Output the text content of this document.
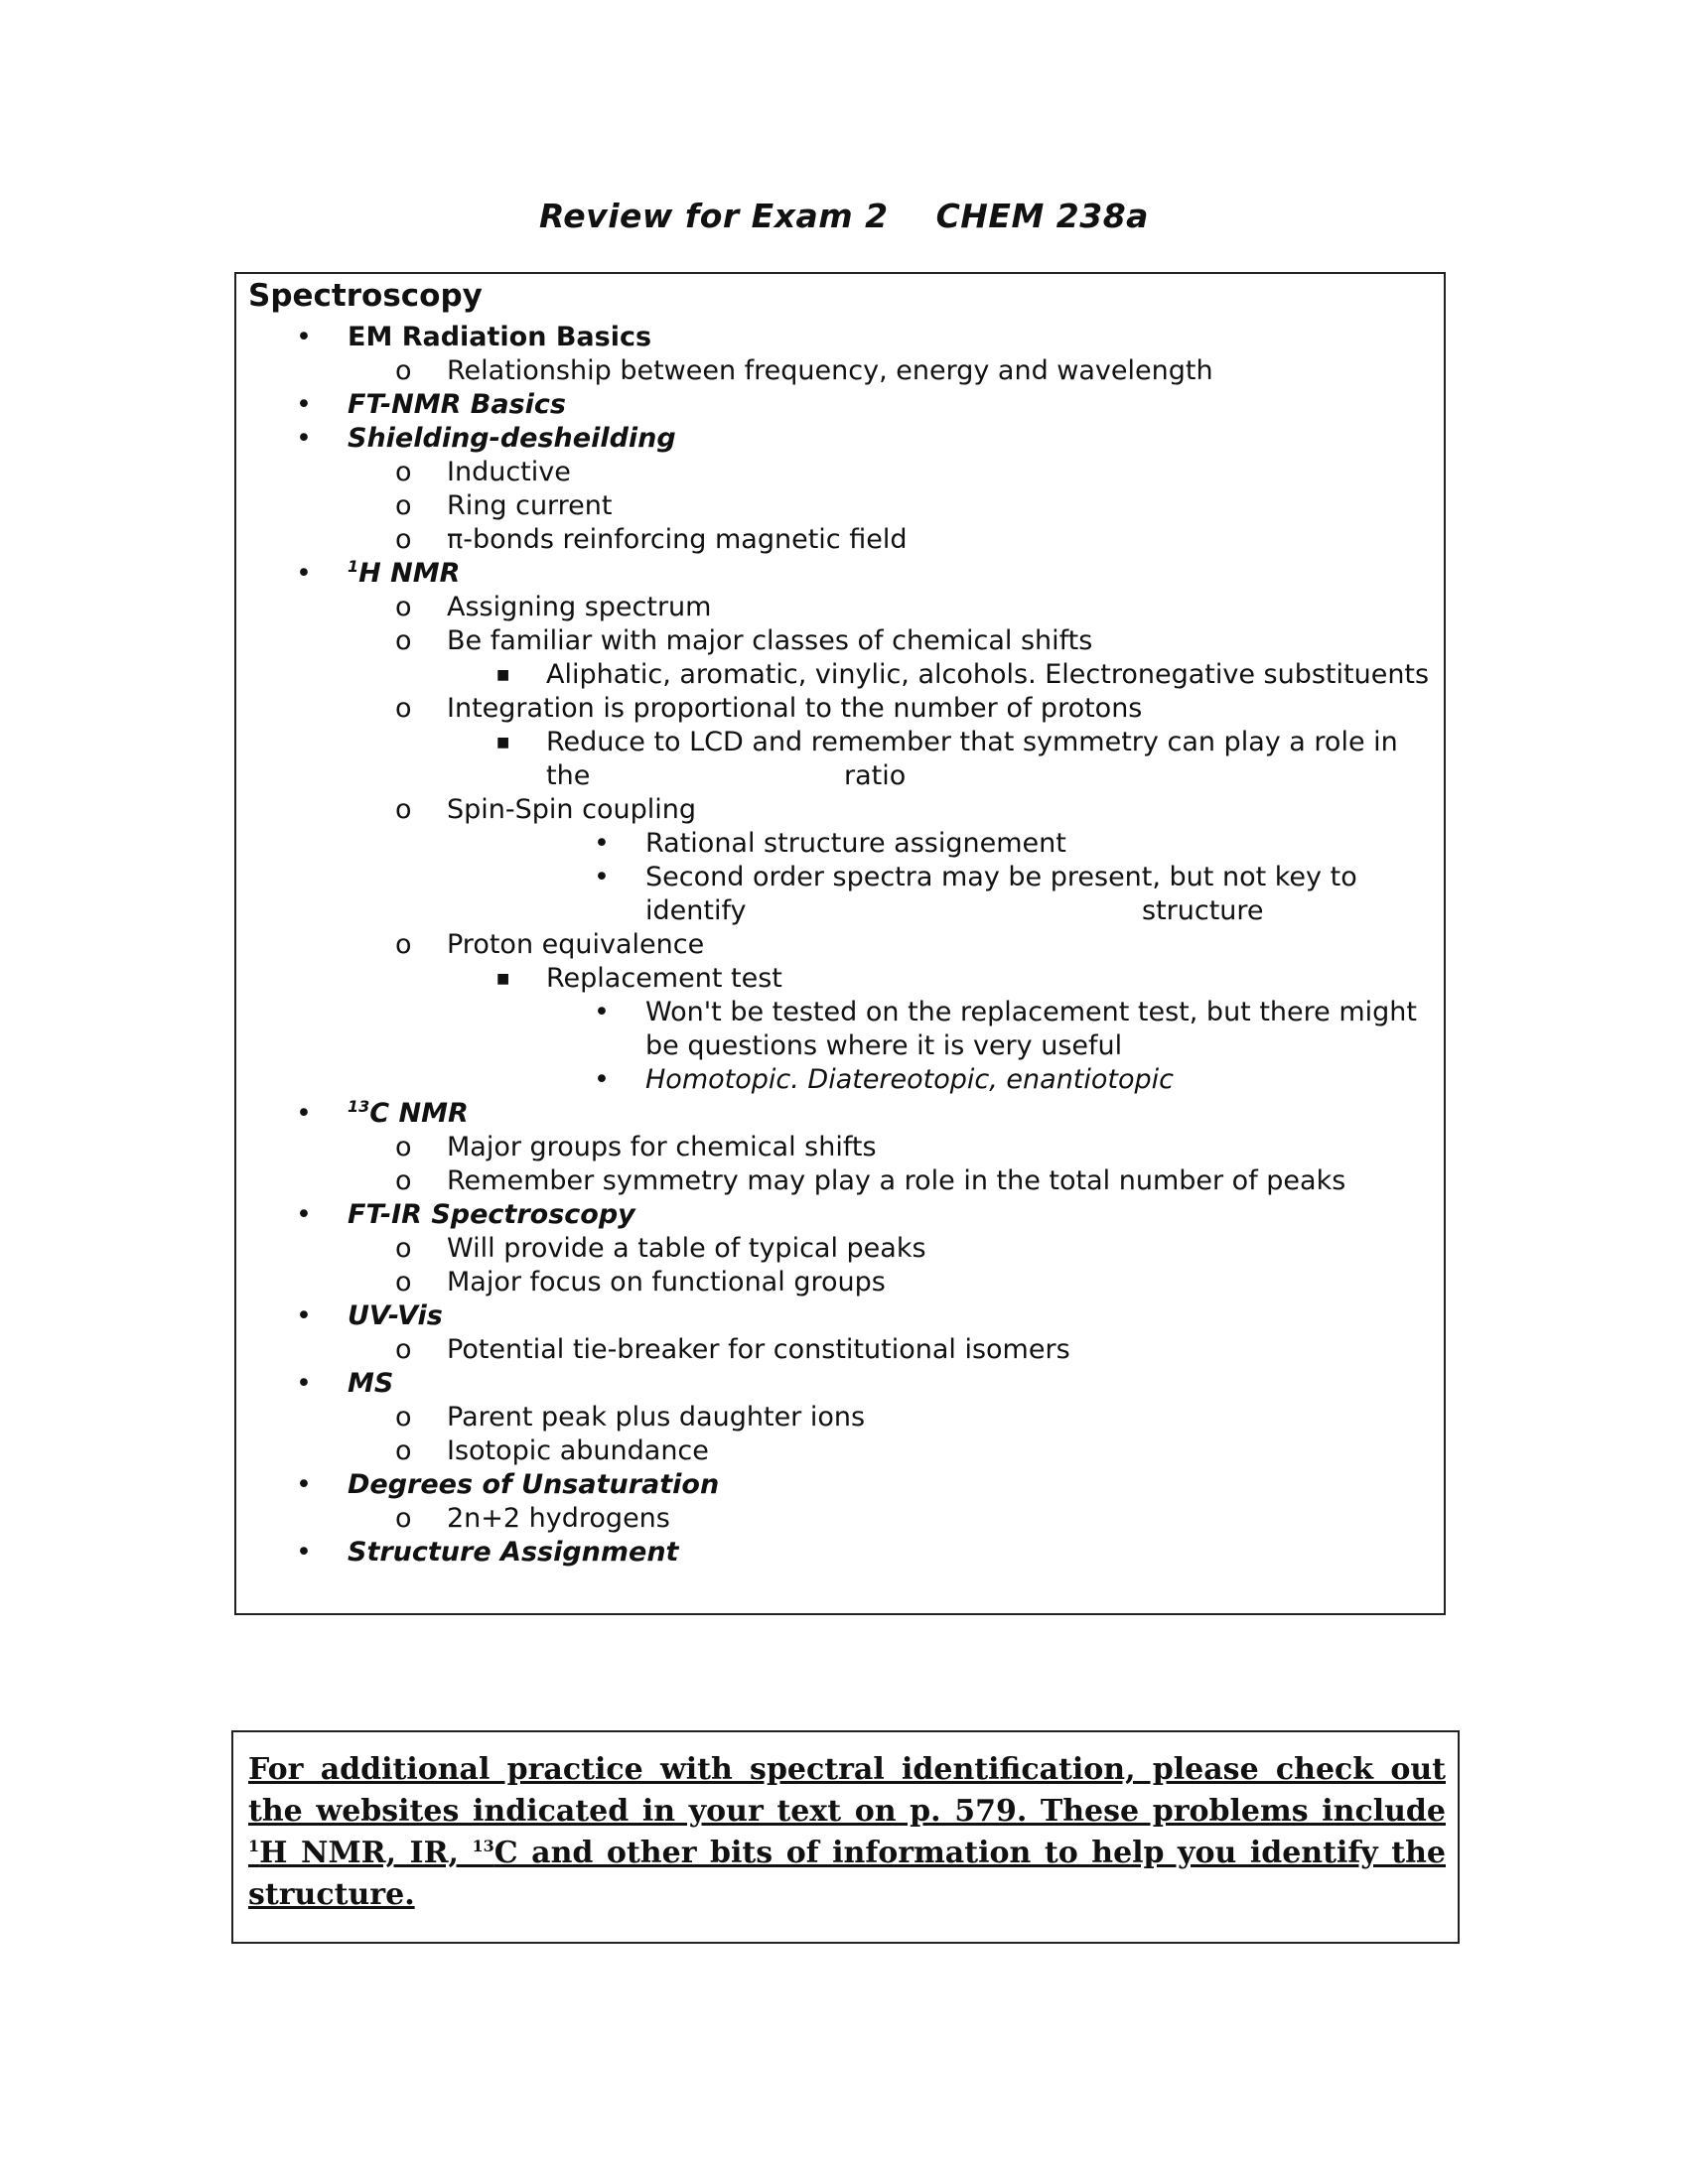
Review for Exam 2 CHEM 238a
Spectroscopy
•
o
•
•
o
o
o
•
o
o
■
o
■
o
•
•
o
■
•
•
•
o
o
•
o
o
•
o
•
o
o
•
o
•
EM Radiation Basics
Relationship between frequency, energy and wavelength
FT-NMR Basics
Shielding-desheilding
Inductive
Ring current
π-bonds reinforcing magnetic field
$^1$H NMR
Assigning spectrum
Be familiar with major classes of chemical shifts
Aliphatic, aromatic, vinylic, alcohols. Electronegative substituents
Integration is proportional to the number of protons
Reduce to LCD and remember that symmetry can play a role in
the	ratio
Spin-Spin coupling
Rational structure assignement
Second order spectra may be present, but not key to
identify	structure
Proton equivalence
Replacement test
Won't be tested on the replacement test, but there might
be questions where it is very useful
Homotopic. Diatereotopic, enantiotopic
$^{13}$C NMR
Major groups for chemical shifts
Remember symmetry may play a role in the total number of peaks
FT-IR Spectroscopy
Will provide a table of typical peaks
Major focus on functional groups
UV-Vis
Potential tie-breaker for constitutional isomers
MS
Parent peak plus daughter ions
Isotopic abundance
Degrees of Unsaturation
2n+2 hydrogens
Structure Assignment
For additional practice with spectral identification, please check out the websites indicated in your text on p. 579. These problems include $^1$H NMR, IR, $^{13}$C and other bits of information to help you identify the structure.
